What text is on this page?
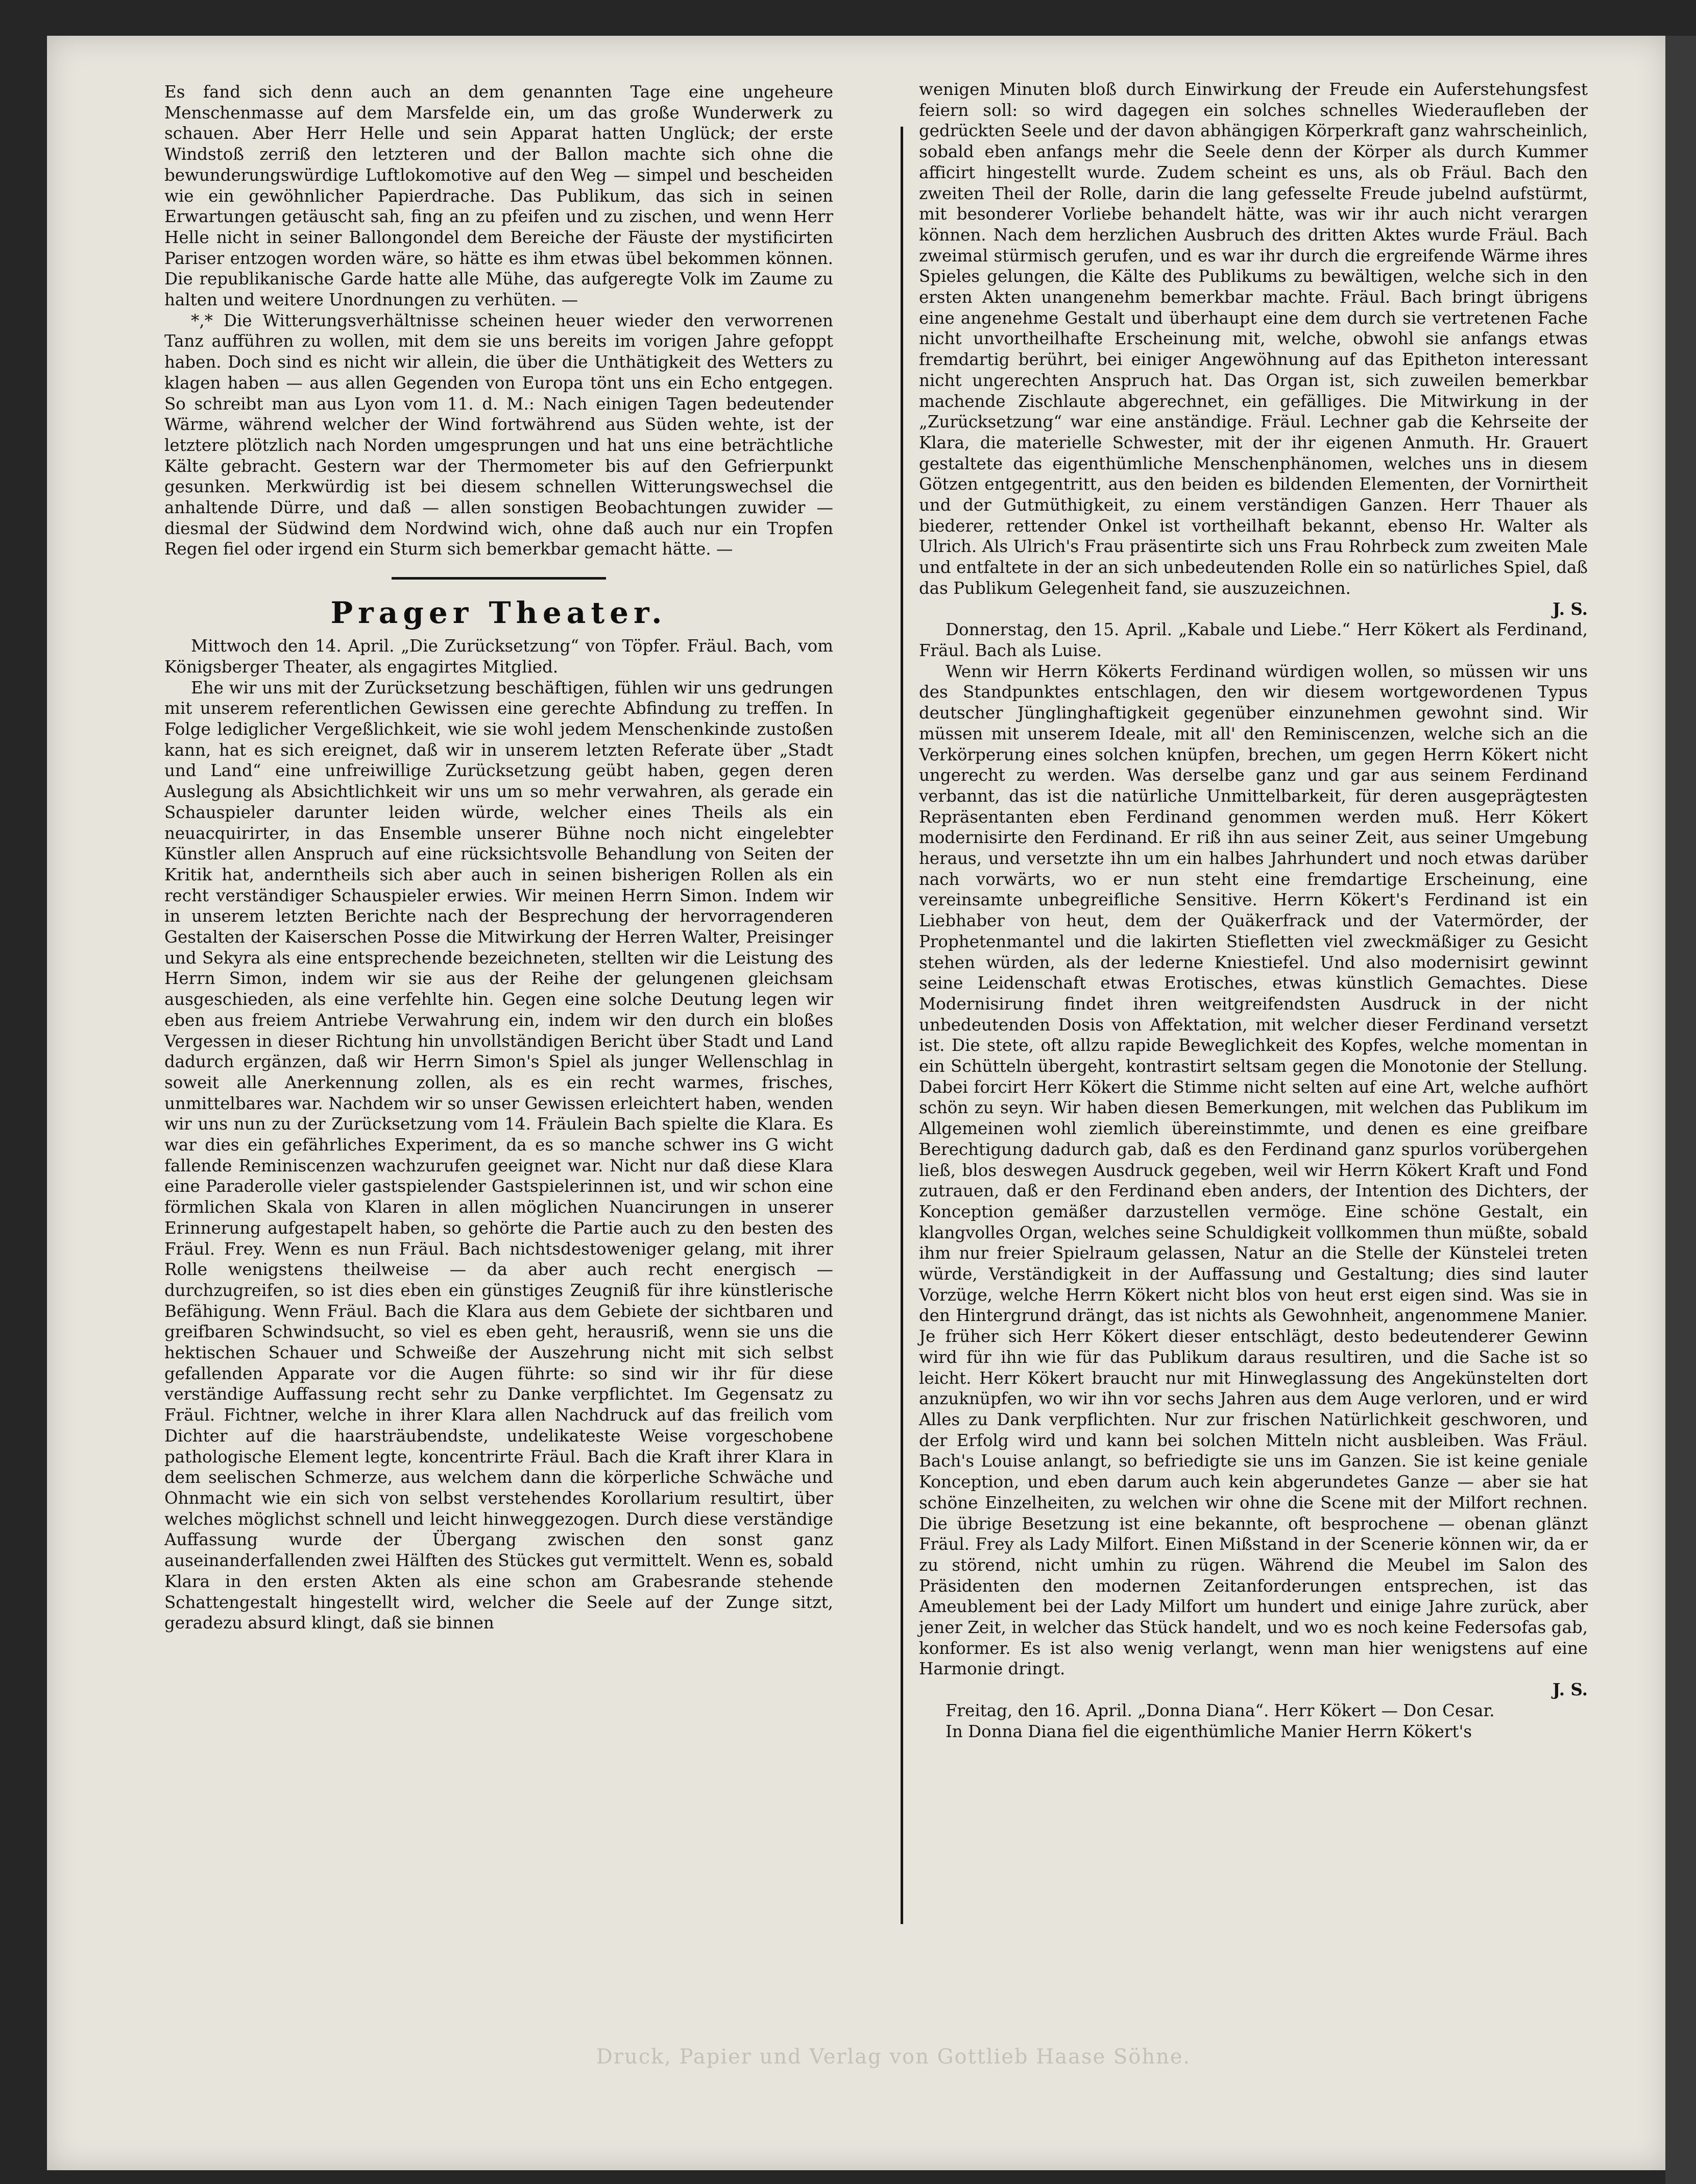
Es fand sich denn auch an dem genannten Tage eine ungeheure Menschenmasse auf dem Marsfelde ein, um das große Wunderwerk zu schauen. Aber Herr Helle und sein Apparat hatten Unglück; der erste Windstoß zerriß den letzteren und der Ballon machte sich ohne die bewunderungswürdige Luftlokomotive auf den Weg — simpel und bescheiden wie ein gewöhnlicher Papierdrache. Das Publikum, das sich in seinen Erwartungen getäuscht sah, fing an zu pfeifen und zu zischen, und wenn Herr Helle nicht in seiner Ballongondel dem Bereiche der Fäuste der mystificirten Pariser entzogen worden wäre, so hätte es ihm etwas übel bekommen können. Die republikanische Garde hatte alle Mühe, das aufgeregte Volk im Zaume zu halten und weitere Unordnungen zu verhüten. —

*,* Die Witterungsverhältnisse scheinen heuer wieder den verworrenen Tanz aufführen zu wollen, mit dem sie uns bereits im vorigen Jahre gefoppt haben. Doch sind es nicht wir allein, die über die Unthätigkeit des Wetters zu klagen haben — aus allen Gegenden von Europa tönt uns ein Echo entgegen. So schreibt man aus Lyon vom 11. d. M.: Nach einigen Tagen bedeutender Wärme, während welcher der Wind fortwährend aus Süden wehte, ist der letztere plötzlich nach Norden umgesprungen und hat uns eine beträchtliche Kälte gebracht. Gestern war der Thermometer bis auf den Gefrierpunkt gesunken. Merkwürdig ist bei diesem schnellen Witterungswechsel die anhaltende Dürre, und daß — allen sonstigen Beobachtungen zuwider — diesmal der Südwind dem Nordwind wich, ohne daß auch nur ein Tropfen Regen fiel oder irgend ein Sturm sich bemerkbar gemacht hätte. —

Prager Theater.

Mittwoch den 14. April. „Die Zurücksetzung“ von Töpfer. Fräul. Bach, vom Königsberger Theater, als engagirtes Mitglied.

Ehe wir uns mit der Zurücksetzung beschäftigen, fühlen wir uns gedrungen mit unserem referentlichen Gewissen eine gerechte Abfindung zu treffen. In Folge lediglicher Vergeßlichkeit, wie sie wohl jedem Menschenkinde zustoßen kann, hat es sich ereignet, daß wir in unserem letzten Referate über „Stadt und Land“ eine unfreiwillige Zurücksetzung geübt haben, gegen deren Auslegung als Absichtlichkeit wir uns um so mehr verwahren, als gerade ein Schauspieler darunter leiden würde, welcher eines Theils als ein neuacquirirter, in das Ensemble unserer Bühne noch nicht eingelebter Künstler allen Anspruch auf eine rücksichtsvolle Behandlung von Seiten der Kritik hat, anderntheils sich aber auch in seinen bisherigen Rollen als ein recht verständiger Schauspieler erwies. Wir meinen Herrn Simon. Indem wir in unserem letzten Berichte nach der Besprechung der hervorragenderen Gestalten der Kaiserschen Posse die Mitwirkung der Herren Walter, Preisinger und Sekyra als eine entsprechende bezeichneten, stellten wir die Leistung des Herrn Simon, indem wir sie aus der Reihe der gelungenen gleichsam ausgeschieden, als eine verfehlte hin. Gegen eine solche Deutung legen wir eben aus freiem Antriebe Verwahrung ein, indem wir den durch ein bloßes Vergessen in dieser Richtung hin unvollständigen Bericht über Stadt und Land dadurch ergänzen, daß wir Herrn Simon's Spiel als junger Wellenschlag in soweit alle Anerkennung zollen, als es ein recht warmes, frisches, unmittelbares war. Nachdem wir so unser Gewissen erleichtert haben, wenden wir uns nun zu der Zurücksetzung vom 14. Fräulein Bach spielte die Klara. Es war dies ein gefährliches Experiment, da es so manche schwer ins G wicht fallende Reminiscenzen wachzurufen geeignet war. Nicht nur daß diese Klara eine Paraderolle vieler gastspielender Gastspielerinnen ist, und wir schon eine förmlichen Skala von Klaren in allen möglichen Nuancirungen in unserer Erinnerung aufgestapelt haben, so gehörte die Partie auch zu den besten des Fräul. Frey. Wenn es nun Fräul. Bach nichtsdestoweniger gelang, mit ihrer Rolle wenigstens theilweise — da aber auch recht energisch — durchzugreifen, so ist dies eben ein günstiges Zeugniß für ihre künstlerische Befähigung. Wenn Fräul. Bach die Klara aus dem Gebiete der sichtbaren und greifbaren Schwindsucht, so viel es eben geht, herausriß, wenn sie uns die hektischen Schauer und Schweiße der Auszehrung nicht mit sich selbst gefallenden Apparate vor die Augen führte: so sind wir ihr für diese verständige Auffassung recht sehr zu Danke verpflichtet. Im Gegensatz zu Fräul. Fichtner, welche in ihrer Klara allen Nachdruck auf das freilich vom Dichter auf die haarsträubendste, undelikateste Weise vorgeschobene pathologische Element legte, koncentrirte Fräul. Bach die Kraft ihrer Klara in dem seelischen Schmerze, aus welchem dann die körperliche Schwäche und Ohnmacht wie ein sich von selbst verstehendes Korollarium resultirt, über welches möglichst schnell und leicht hinweggezogen. Durch diese verständige Auffassung wurde der Übergang zwischen den sonst ganz auseinanderfallenden zwei Hälften des Stückes gut vermittelt. Wenn es, sobald Klara in den ersten Akten als eine schon am Grabesrande stehende Schattengestalt hingestellt wird, welcher die Seele auf der Zunge sitzt, geradezu absurd klingt, daß sie binnen

wenigen Minuten bloß durch Einwirkung der Freude ein Auferstehungsfest feiern soll: so wird dagegen ein solches schnelles Wiederaufleben der gedrückten Seele und der davon abhängigen Körperkraft ganz wahrscheinlich, sobald eben anfangs mehr die Seele denn der Körper als durch Kummer afficirt hingestellt wurde. Zudem scheint es uns, als ob Fräul. Bach den zweiten Theil der Rolle, darin die lang gefesselte Freude jubelnd aufstürmt, mit besonderer Vorliebe behandelt hätte, was wir ihr auch nicht verargen können. Nach dem herzlichen Ausbruch des dritten Aktes wurde Fräul. Bach zweimal stürmisch gerufen, und es war ihr durch die ergreifende Wärme ihres Spieles gelungen, die Kälte des Publikums zu bewältigen, welche sich in den ersten Akten unangenehm bemerkbar machte. Fräul. Bach bringt übrigens eine angenehme Gestalt und überhaupt eine dem durch sie vertretenen Fache nicht unvortheilhafte Erscheinung mit, welche, obwohl sie anfangs etwas fremdartig berührt, bei einiger Angewöhnung auf das Epitheton interessant nicht ungerechten Anspruch hat. Das Organ ist, sich zuweilen bemerkbar machende Zischlaute abgerechnet, ein gefälliges. Die Mitwirkung in der „Zurücksetzung“ war eine anständige. Fräul. Lechner gab die Kehrseite der Klara, die materielle Schwester, mit der ihr eigenen Anmuth. Hr. Grauert gestaltete das eigenthümliche Menschenphänomen, welches uns in diesem Götzen entgegentritt, aus den beiden es bildenden Elementen, der Vornirtheit und der Gutmüthigkeit, zu einem verständigen Ganzen. Herr Thauer als biederer, rettender Onkel ist vortheilhaft bekannt, ebenso Hr. Walter als Ulrich. Als Ulrich's Frau präsentirte sich uns Frau Rohrbeck zum zweiten Male und entfaltete in der an sich unbedeutenden Rolle ein so natürliches Spiel, daß das Publikum Gelegenheit fand, sie auszuzeichnen.

J. S.

Donnerstag, den 15. April. „Kabale und Liebe.“ Herr Kökert als Ferdinand, Fräul. Bach als Luise.

Wenn wir Herrn Kökerts Ferdinand würdigen wollen, so müssen wir uns des Standpunktes entschlagen, den wir diesem wortgewordenen Typus deutscher Jünglinghaftigkeit gegenüber einzunehmen gewohnt sind. Wir müssen mit unserem Ideale, mit all' den Reminiscenzen, welche sich an die Verkörperung eines solchen knüpfen, brechen, um gegen Herrn Kökert nicht ungerecht zu werden. Was derselbe ganz und gar aus seinem Ferdinand verbannt, das ist die natürliche Unmittelbarkeit, für deren ausgeprägtesten Repräsentanten eben Ferdinand genommen werden muß. Herr Kökert modernisirte den Ferdinand. Er riß ihn aus seiner Zeit, aus seiner Umgebung heraus, und versetzte ihn um ein halbes Jahrhundert und noch etwas darüber nach vorwärts, wo er nun steht eine fremdartige Erscheinung, eine vereinsamte unbegreifliche Sensitive. Herrn Kökert's Ferdinand ist ein Liebhaber von heut, dem der Quäkerfrack und der Vatermörder, der Prophetenmantel und die lakirten Stiefletten viel zweckmäßiger zu Gesicht stehen würden, als der lederne Kniestiefel. Und also modernisirt gewinnt seine Leidenschaft etwas Erotisches, etwas künstlich Gemachtes. Diese Modernisirung findet ihren weitgreifendsten Ausdruck in der nicht unbedeutenden Dosis von Affektation, mit welcher dieser Ferdinand versetzt ist. Die stete, oft allzu rapide Beweglichkeit des Kopfes, welche momentan in ein Schütteln übergeht, kontrastirt seltsam gegen die Monotonie der Stellung. Dabei forcirt Herr Kökert die Stimme nicht selten auf eine Art, welche aufhört schön zu seyn. Wir haben diesen Bemerkungen, mit welchen das Publikum im Allgemeinen wohl ziemlich übereinstimmte, und denen es eine greifbare Berechtigung dadurch gab, daß es den Ferdinand ganz spurlos vorübergehen ließ, blos deswegen Ausdruck gegeben, weil wir Herrn Kökert Kraft und Fond zutrauen, daß er den Ferdinand eben anders, der Intention des Dichters, der Konception gemäßer darzustellen vermöge. Eine schöne Gestalt, ein klangvolles Organ, welches seine Schuldigkeit vollkommen thun müßte, sobald ihm nur freier Spielraum gelassen, Natur an die Stelle der Künstelei treten würde, Verständigkeit in der Auffassung und Gestaltung; dies sind lauter Vorzüge, welche Herrn Kökert nicht blos von heut erst eigen sind. Was sie in den Hintergrund drängt, das ist nichts als Gewohnheit, angenommene Manier. Je früher sich Herr Kökert dieser entschlägt, desto bedeutenderer Gewinn wird für ihn wie für das Publikum daraus resultiren, und die Sache ist so leicht. Herr Kökert braucht nur mit Hinweglassung des Angekünstelten dort anzuknüpfen, wo wir ihn vor sechs Jahren aus dem Auge verloren, und er wird Alles zu Dank verpflichten. Nur zur frischen Natürlichkeit geschworen, und der Erfolg wird und kann bei solchen Mitteln nicht ausbleiben. Was Fräul. Bach's Louise anlangt, so befriedigte sie uns im Ganzen. Sie ist keine geniale Konception, und eben darum auch kein abgerundetes Ganze — aber sie hat schöne Einzelheiten, zu welchen wir ohne die Scene mit der Milfort rechnen. Die übrige Besetzung ist eine bekannte, oft besprochene — obenan glänzt Fräul. Frey als Lady Milfort. Einen Mißstand in der Scenerie können wir, da er zu störend, nicht umhin zu rügen. Während die Meubel im Salon des Präsidenten den modernen Zeitanforderungen entsprechen, ist das Ameublement bei der Lady Milfort um hundert und einige Jahre zurück, aber jener Zeit, in welcher das Stück handelt, und wo es noch keine Federsofas gab, konformer. Es ist also wenig verlangt, wenn man hier wenigstens auf eine Harmonie dringt.

J. S.

Freitag, den 16. April. „Donna Diana“. Herr Kökert — Don Cesar.

In Donna Diana fiel die eigenthümliche Manier Herrn Kökert's

Druck, Papier und Verlag von Gottlieb Haase Söhne.
